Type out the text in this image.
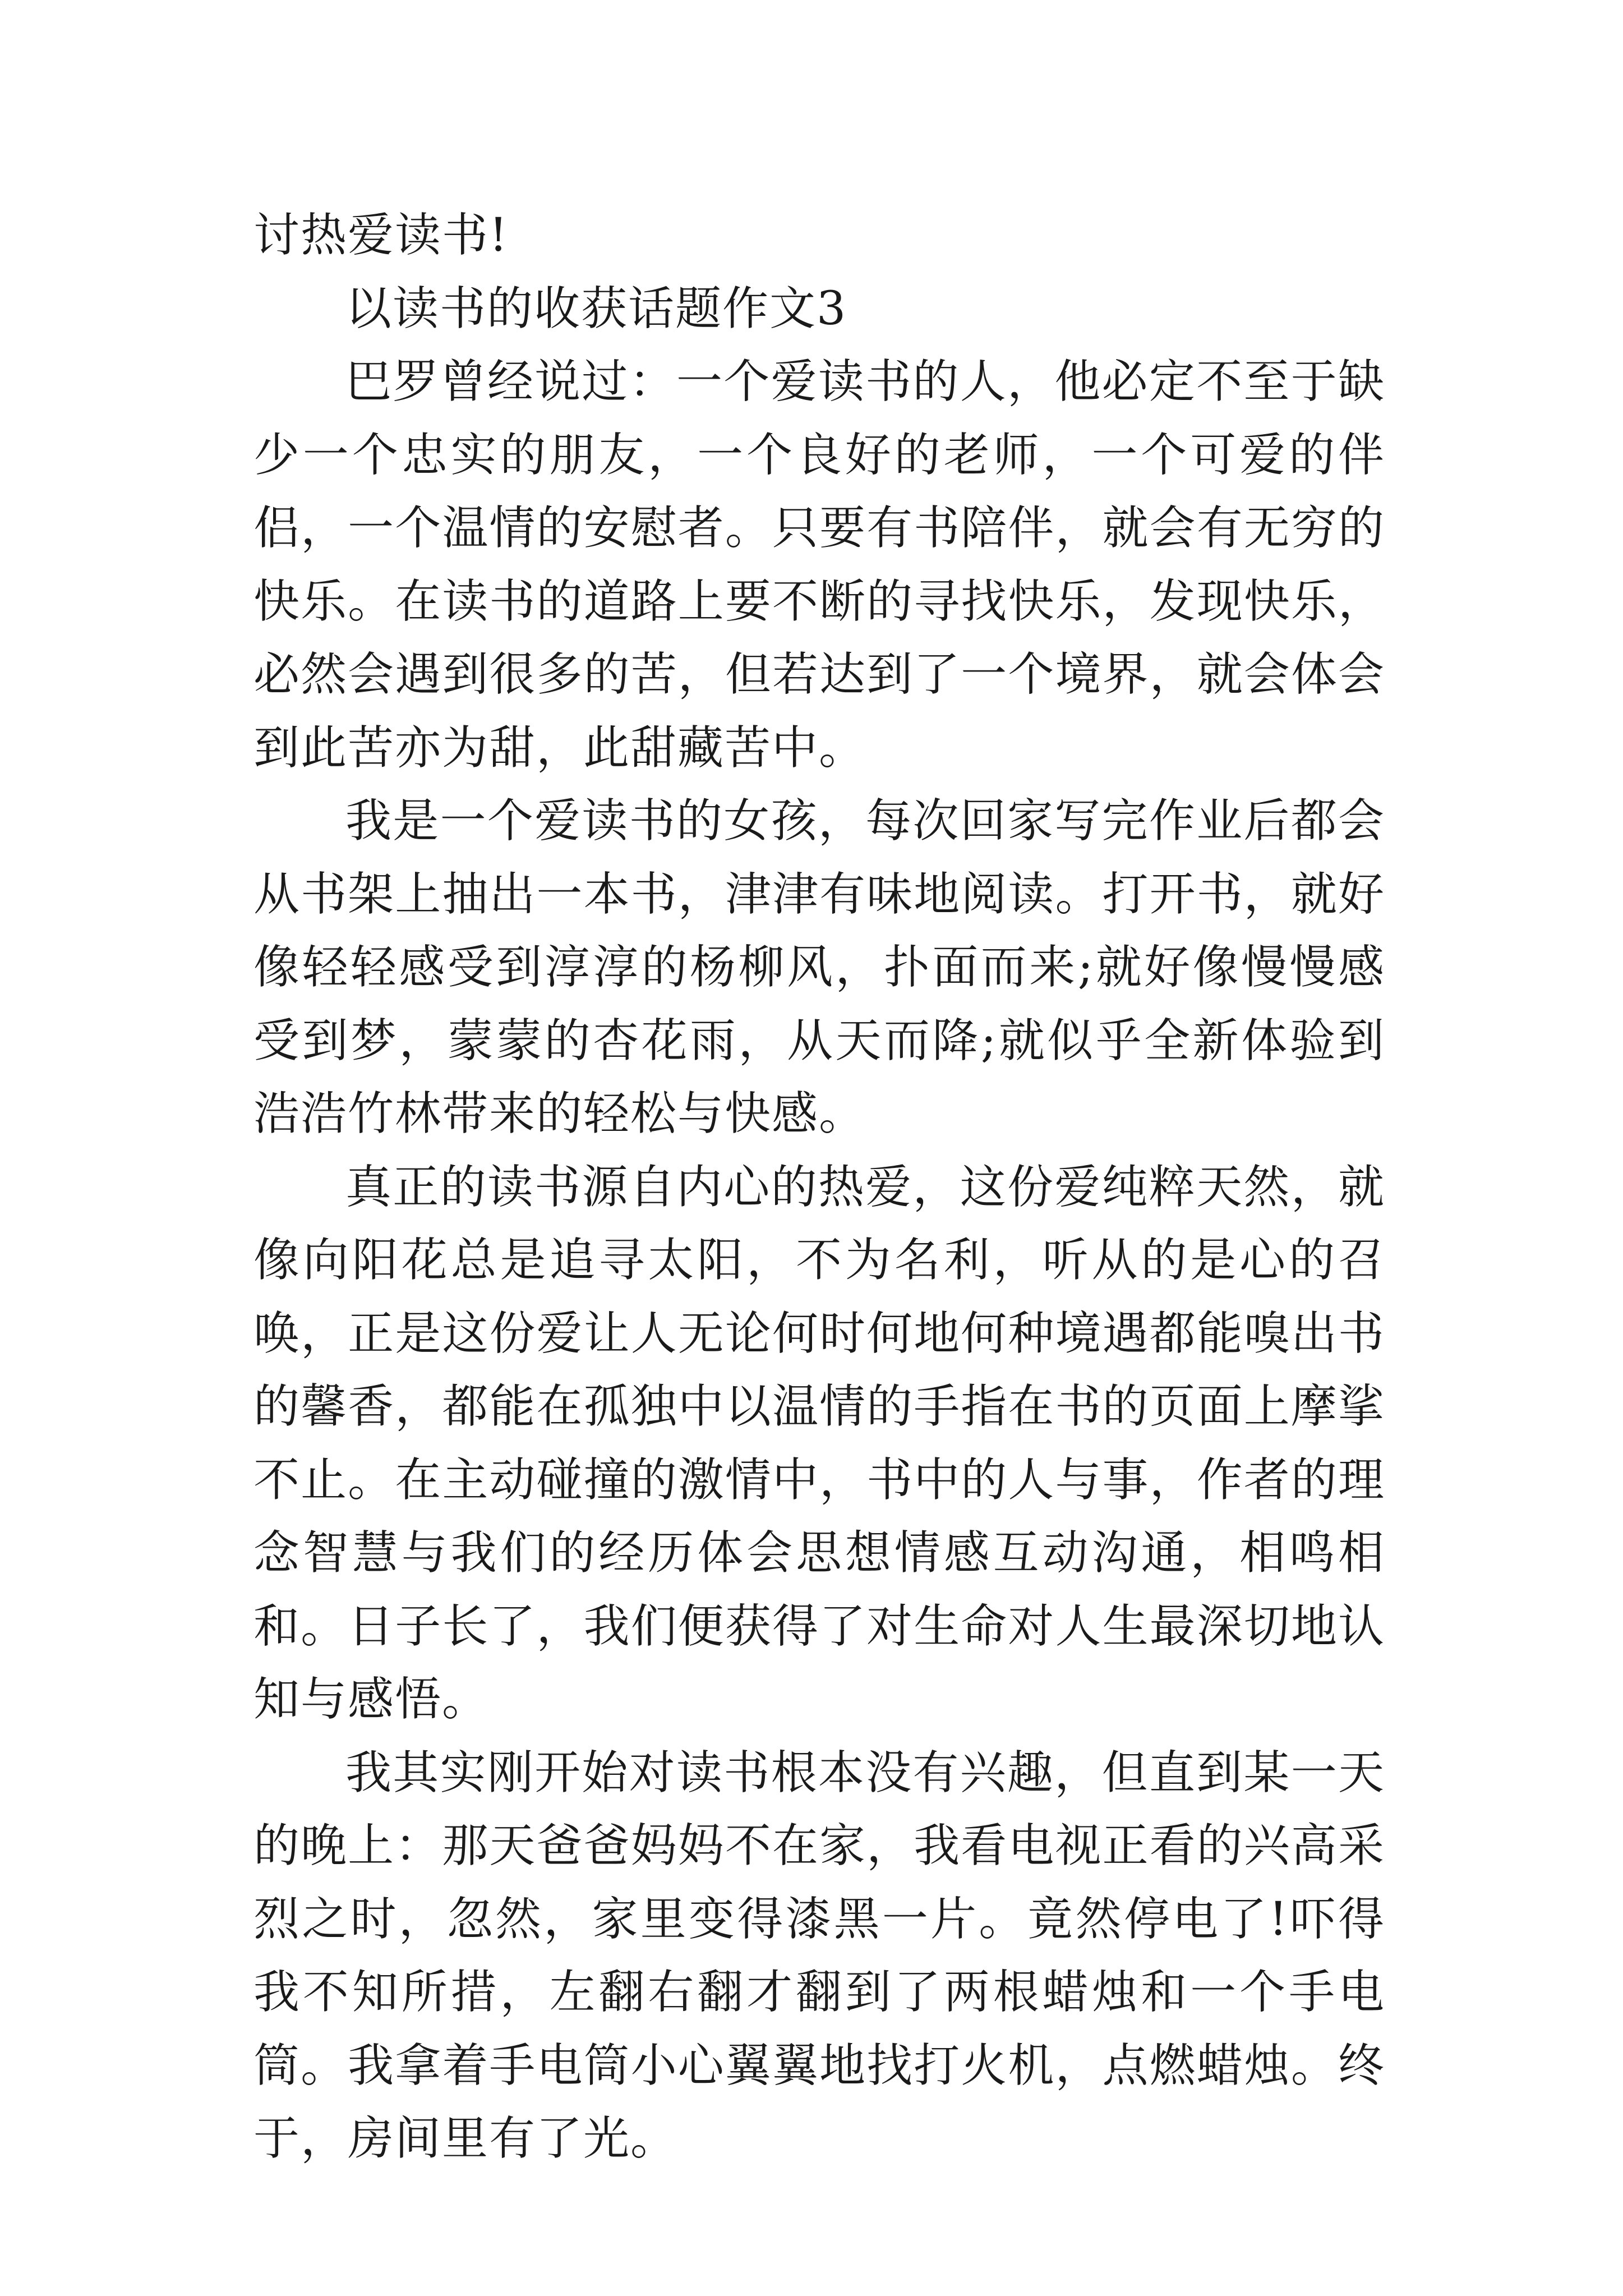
讨热爱读书!

以读书的收获话题作文3

巴罗曾经说过：一个爱读书的人，他必定不至于缺少一个忠实的朋友，一个良好的老师，一个可爱的伴侣，一个温情的安慰者。只要有书陪伴，就会有无穷的快乐。在读书的道路上要不断的寻找快乐，发现快乐，必然会遇到很多的苦，但若达到了一个境界，就会体会到此苦亦为甜，此甜藏苦中。

我是一个爱读书的女孩，每次回家写完作业后都会从书架上抽出一本书，津津有味地阅读。打开书，就好像轻轻感受到淳淳的杨柳风，扑面而来;就好像慢慢感受到梦，蒙蒙的杏花雨，从天而降;就似乎全新体验到浩浩竹林带来的轻松与快感。

真正的读书源自内心的热爱，这份爱纯粹天然，就像向阳花总是追寻太阳，不为名利，听从的是心的召唤，正是这份爱让人无论何时何地何种境遇都能嗅出书的馨香，都能在孤独中以温情的手指在书的页面上摩挲不止。在主动碰撞的激情中，书中的人与事，作者的理念智慧与我们的经历体会思想情感互动沟通，相鸣相和。日子长了，我们便获得了对生命对人生最深切地认知与感悟。

我其实刚开始对读书根本没有兴趣，但直到某一天的晚上：那天爸爸妈妈不在家，我看电视正看的兴高采烈之时，忽然，家里变得漆黑一片。竟然停电了!吓得我不知所措，左翻右翻才翻到了两根蜡烛和一个手电筒。我拿着手电筒小心翼翼地找打火机，点燃蜡烛。终于，房间里有了光。
